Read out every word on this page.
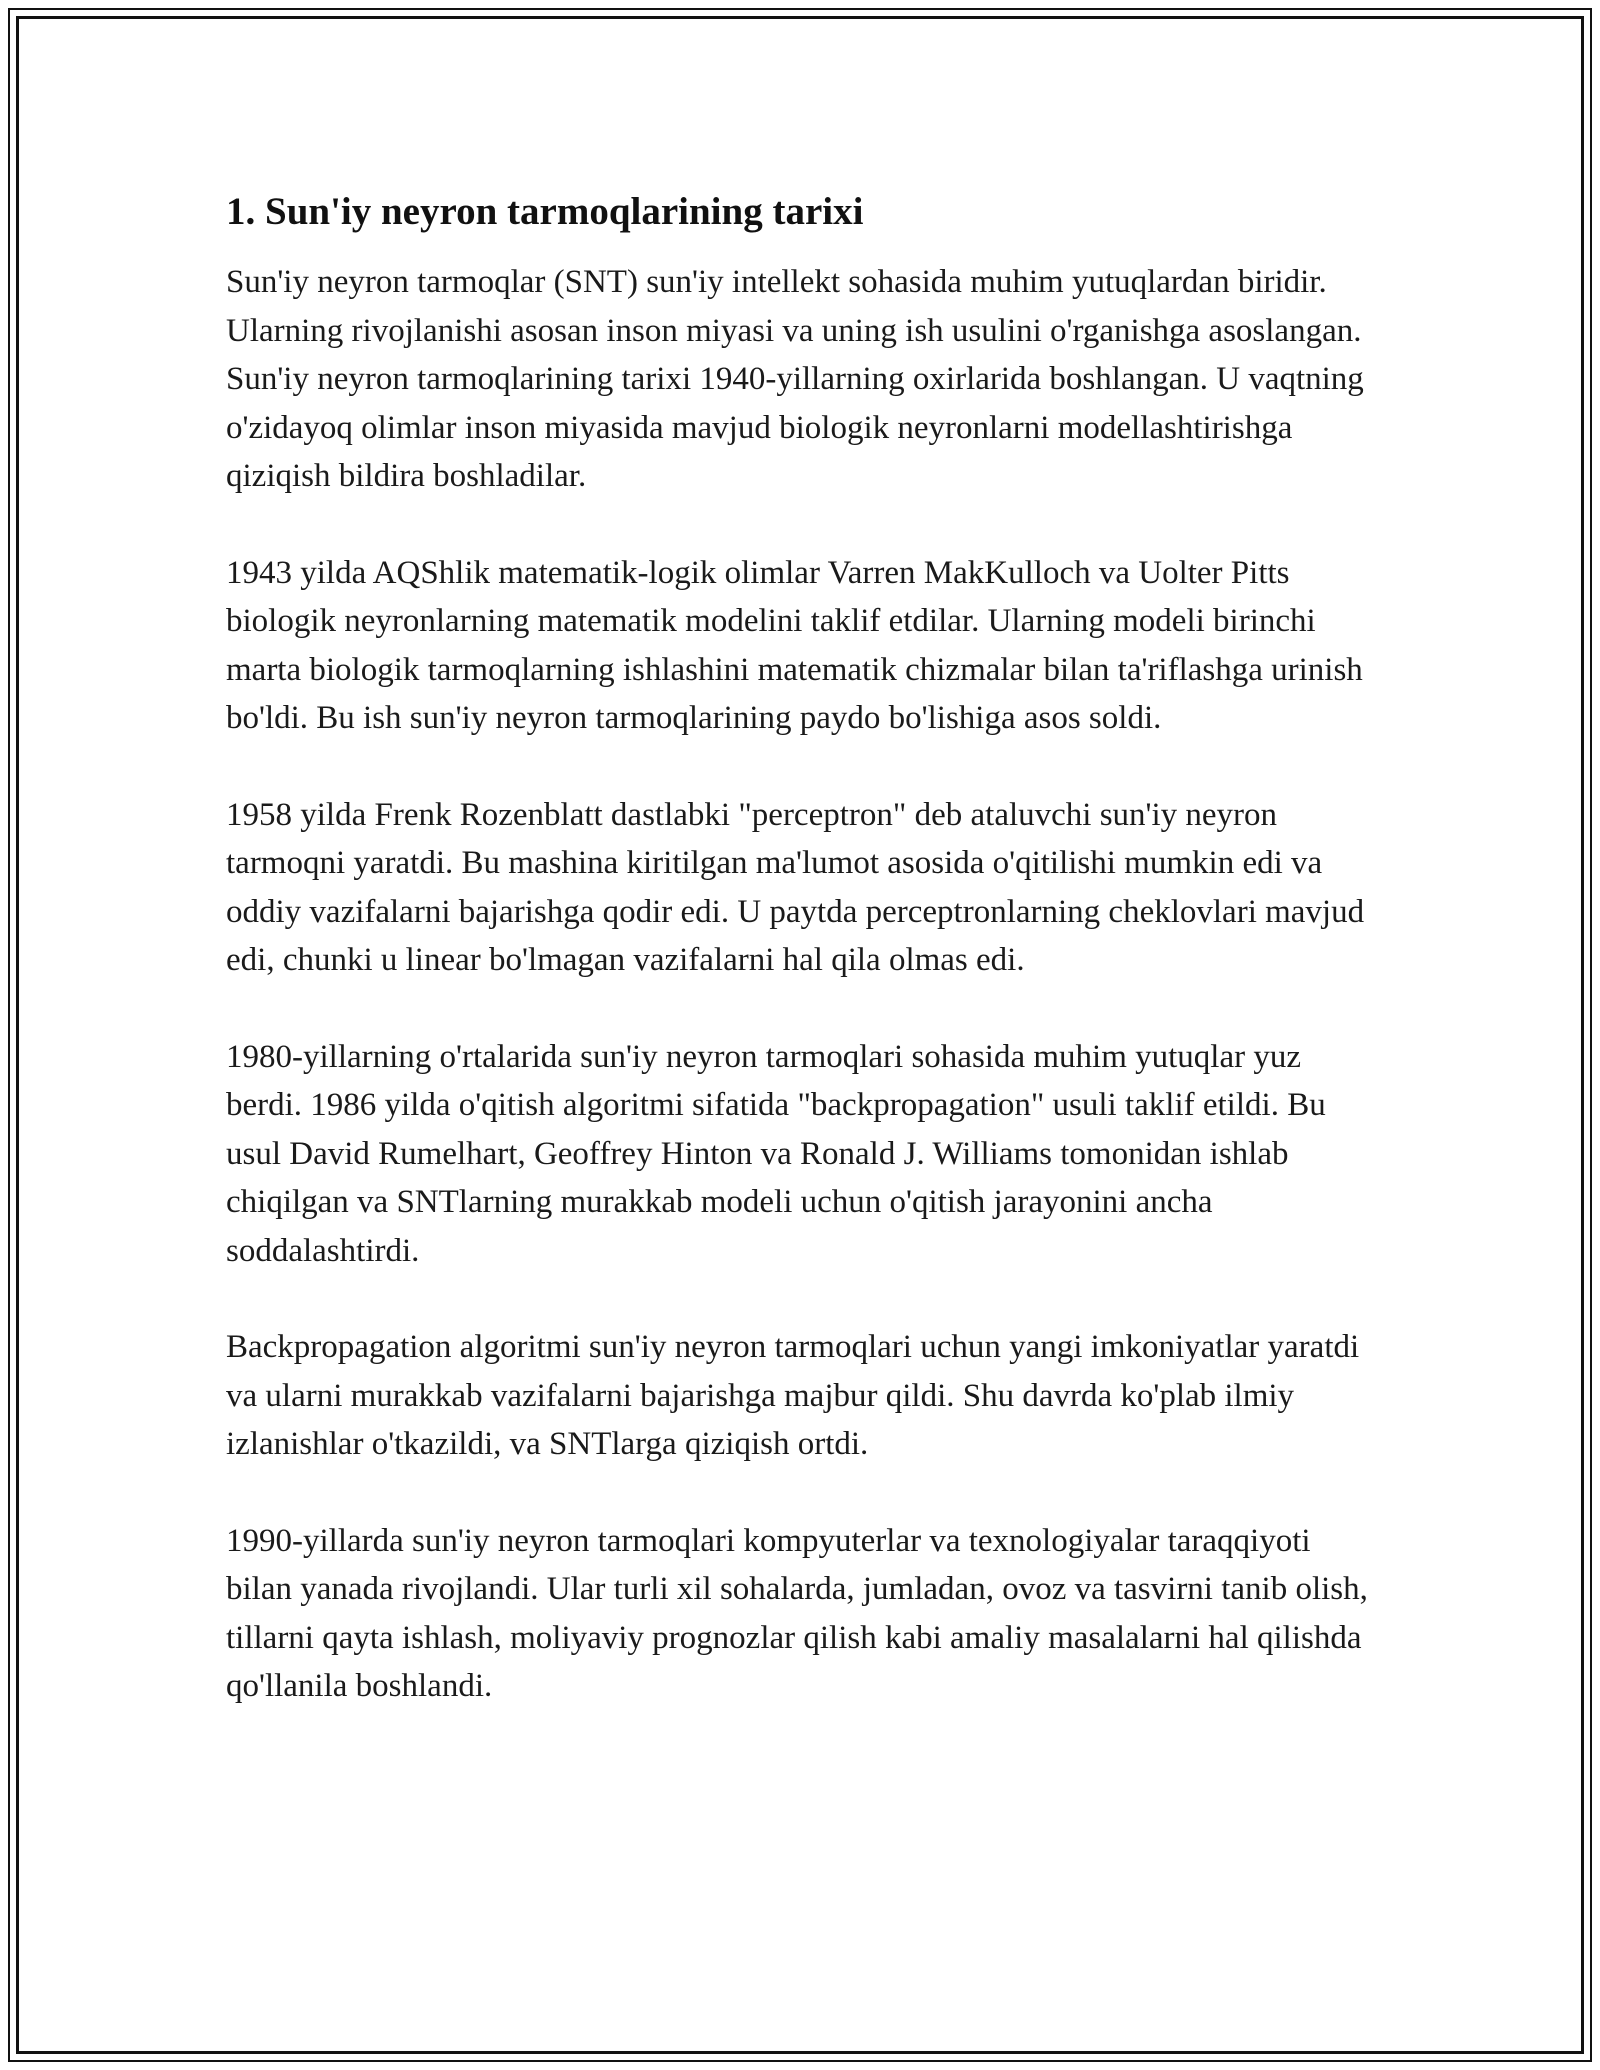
1. Sun'iy neyron tarmoqlarining tarixi

Sun'iy neyron tarmoqlar (SNT) sun'iy intellekt sohasida muhim yutuqlardan biridir. Ularning rivojlanishi asosan inson miyasi va uning ish usulini o'rganishga asoslangan. Sun'iy neyron tarmoqlarining tarixi 1940-yillarning oxirlarida boshlangan. U vaqtning o'zidayoq olimlar inson miyasida mavjud biologik neyronlarni modellashtirishga qiziqish bildira boshladilar.

1943 yilda AQShlik matematik-logik olimlar Varren MakKulloch va Uolter Pitts biologik neyronlarning matematik modelini taklif etdilar. Ularning modeli birinchi marta biologik tarmoqlarning ishlashini matematik chizmalar bilan ta'riflashga urinish bo'ldi. Bu ish sun'iy neyron tarmoqlarining paydo bo'lishiga asos soldi.

1958 yilda Frenk Rozenblatt dastlabki "perceptron" deb ataluvchi sun'iy neyron tarmoqni yaratdi. Bu mashina kiritilgan ma'lumot asosida o'qitilishi mumkin edi va oddiy vazifalarni bajarishga qodir edi. U paytda perceptronlarning cheklovlari mavjud edi, chunki u linear bo'lmagan vazifalarni hal qila olmas edi.

1980-yillarning o'rtalarida sun'iy neyron tarmoqlari sohasida muhim yutuqlar yuz berdi. 1986 yilda o'qitish algoritmi sifatida "backpropagation" usuli taklif etildi. Bu usul David Rumelhart, Geoffrey Hinton va Ronald J. Williams tomonidan ishlab chiqilgan va SNTlarning murakkab modeli uchun o'qitish jarayonini ancha soddalashtirdi.

Backpropagation algoritmi sun'iy neyron tarmoqlari uchun yangi imkoniyatlar yaratdi va ularni murakkab vazifalarni bajarishga majbur qildi. Shu davrda ko'plab ilmiy izlanishlar o'tkazildi, va SNTlarga qiziqish ortdi.

1990-yillarda sun'iy neyron tarmoqlari kompyuterlar va texnologiyalar taraqqiyoti bilan yanada rivojlandi. Ular turli xil sohalarda, jumladan, ovoz va tasvirni tanib olish, tillarni qayta ishlash, moliyaviy prognozlar qilish kabi amaliy masalalarni hal qilishda qo'llanila boshlandi.
